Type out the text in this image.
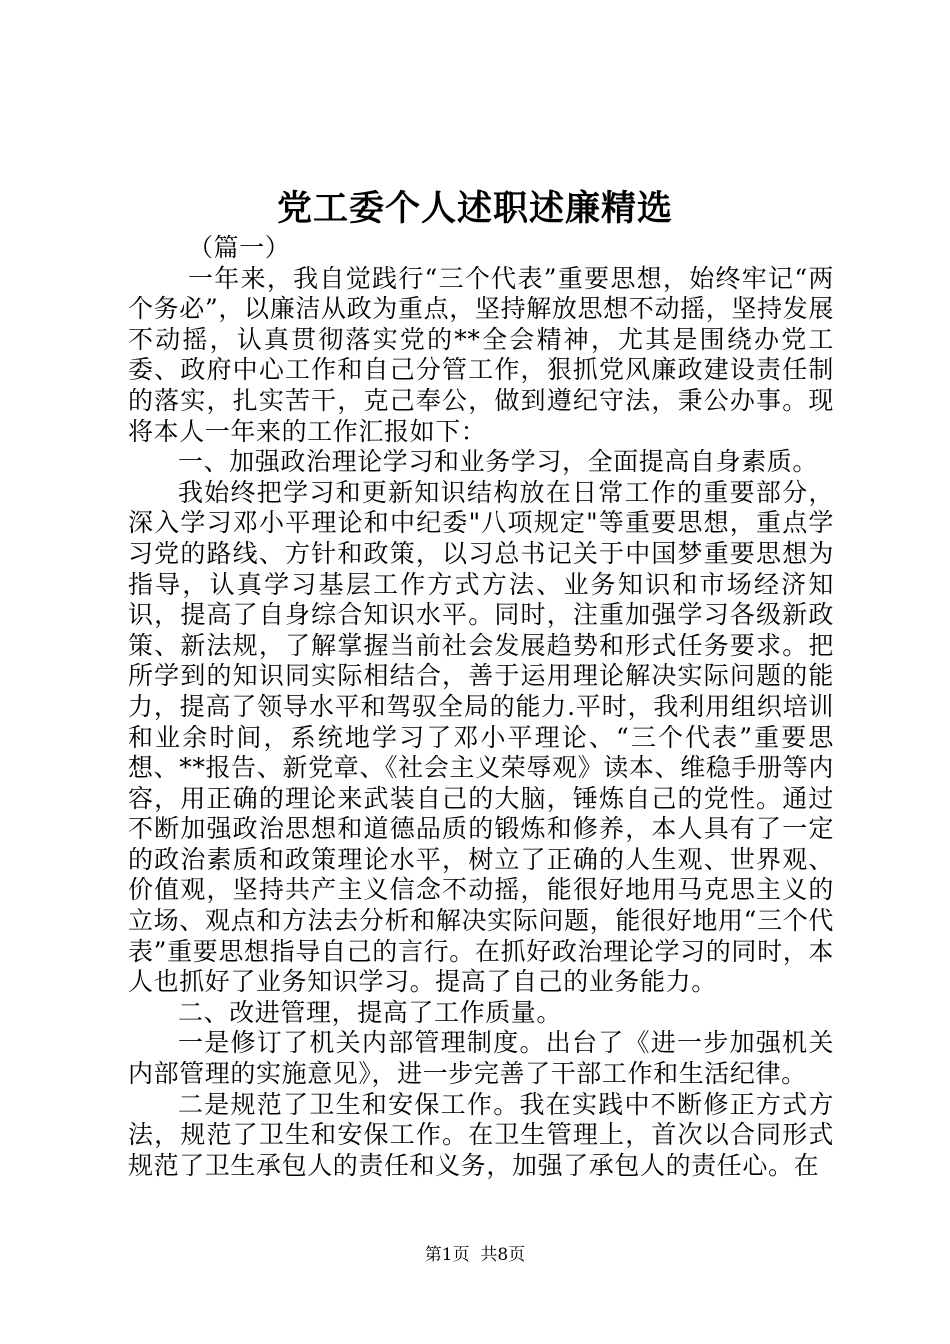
党工委个人述职述廉精选

（篇一）

一年来，我自觉践行“三个代表”重要思想，始终牢记“两个务必”，以廉洁从政为重点，坚持解放思想不动摇，坚持发展不动摇，认真贯彻落实党的**全会精神，尤其是围绕办党工委、政府中心工作和自己分管工作，狠抓党风廉政建设责任制的落实，扎实苦干，克己奉公，做到遵纪守法，秉公办事。现将本人一年来的工作汇报如下：

一、加强政治理论学习和业务学习，全面提高自身素质。

我始终把学习和更新知识结构放在日常工作的重要部分，深入学习邓小平理论和中纪委"八项规定"等重要思想，重点学习党的路线、方针和政策，以习总书记关于中国梦重要思想为指导，认真学习基层工作方式方法、业务知识和市场经济知识，提高了自身综合知识水平。同时，注重加强学习各级新政策、新法规，了解掌握当前社会发展趋势和形式任务要求。把所学到的知识同实际相结合，善于运用理论解决实际问题的能力，提高了领导水平和驾驭全局的能力.平时，我利用组织培训和业余时间，系统地学习了邓小平理论、“三个代表”重要思想、**报告、新党章、《社会主义荣辱观》读本、维稳手册等内容，用正确的理论来武装自己的大脑，锤炼自己的党性。通过不断加强政治思想和道德品质的锻炼和修养，本人具有了一定的政治素质和政策理论水平，树立了正确的人生观、世界观、价值观，坚持共产主义信念不动摇，能很好地用马克思主义的立场、观点和方法去分析和解决实际问题，能很好地用“三个代表”重要思想指导自己的言行。在抓好政治理论学习的同时，本人也抓好了业务知识学习。提高了自己的业务能力。

二、改进管理，提高了工作质量。

一是修订了机关内部管理制度。出台了《进一步加强机关内部管理的实施意见》，进一步完善了干部工作和生活纪律。

二是规范了卫生和安保工作。我在实践中不断修正方式方法，规范了卫生和安保工作。在卫生管理上，首次以合同形式规范了卫生承包人的责任和义务，加强了承包人的责任心。在

第1页 共8页
